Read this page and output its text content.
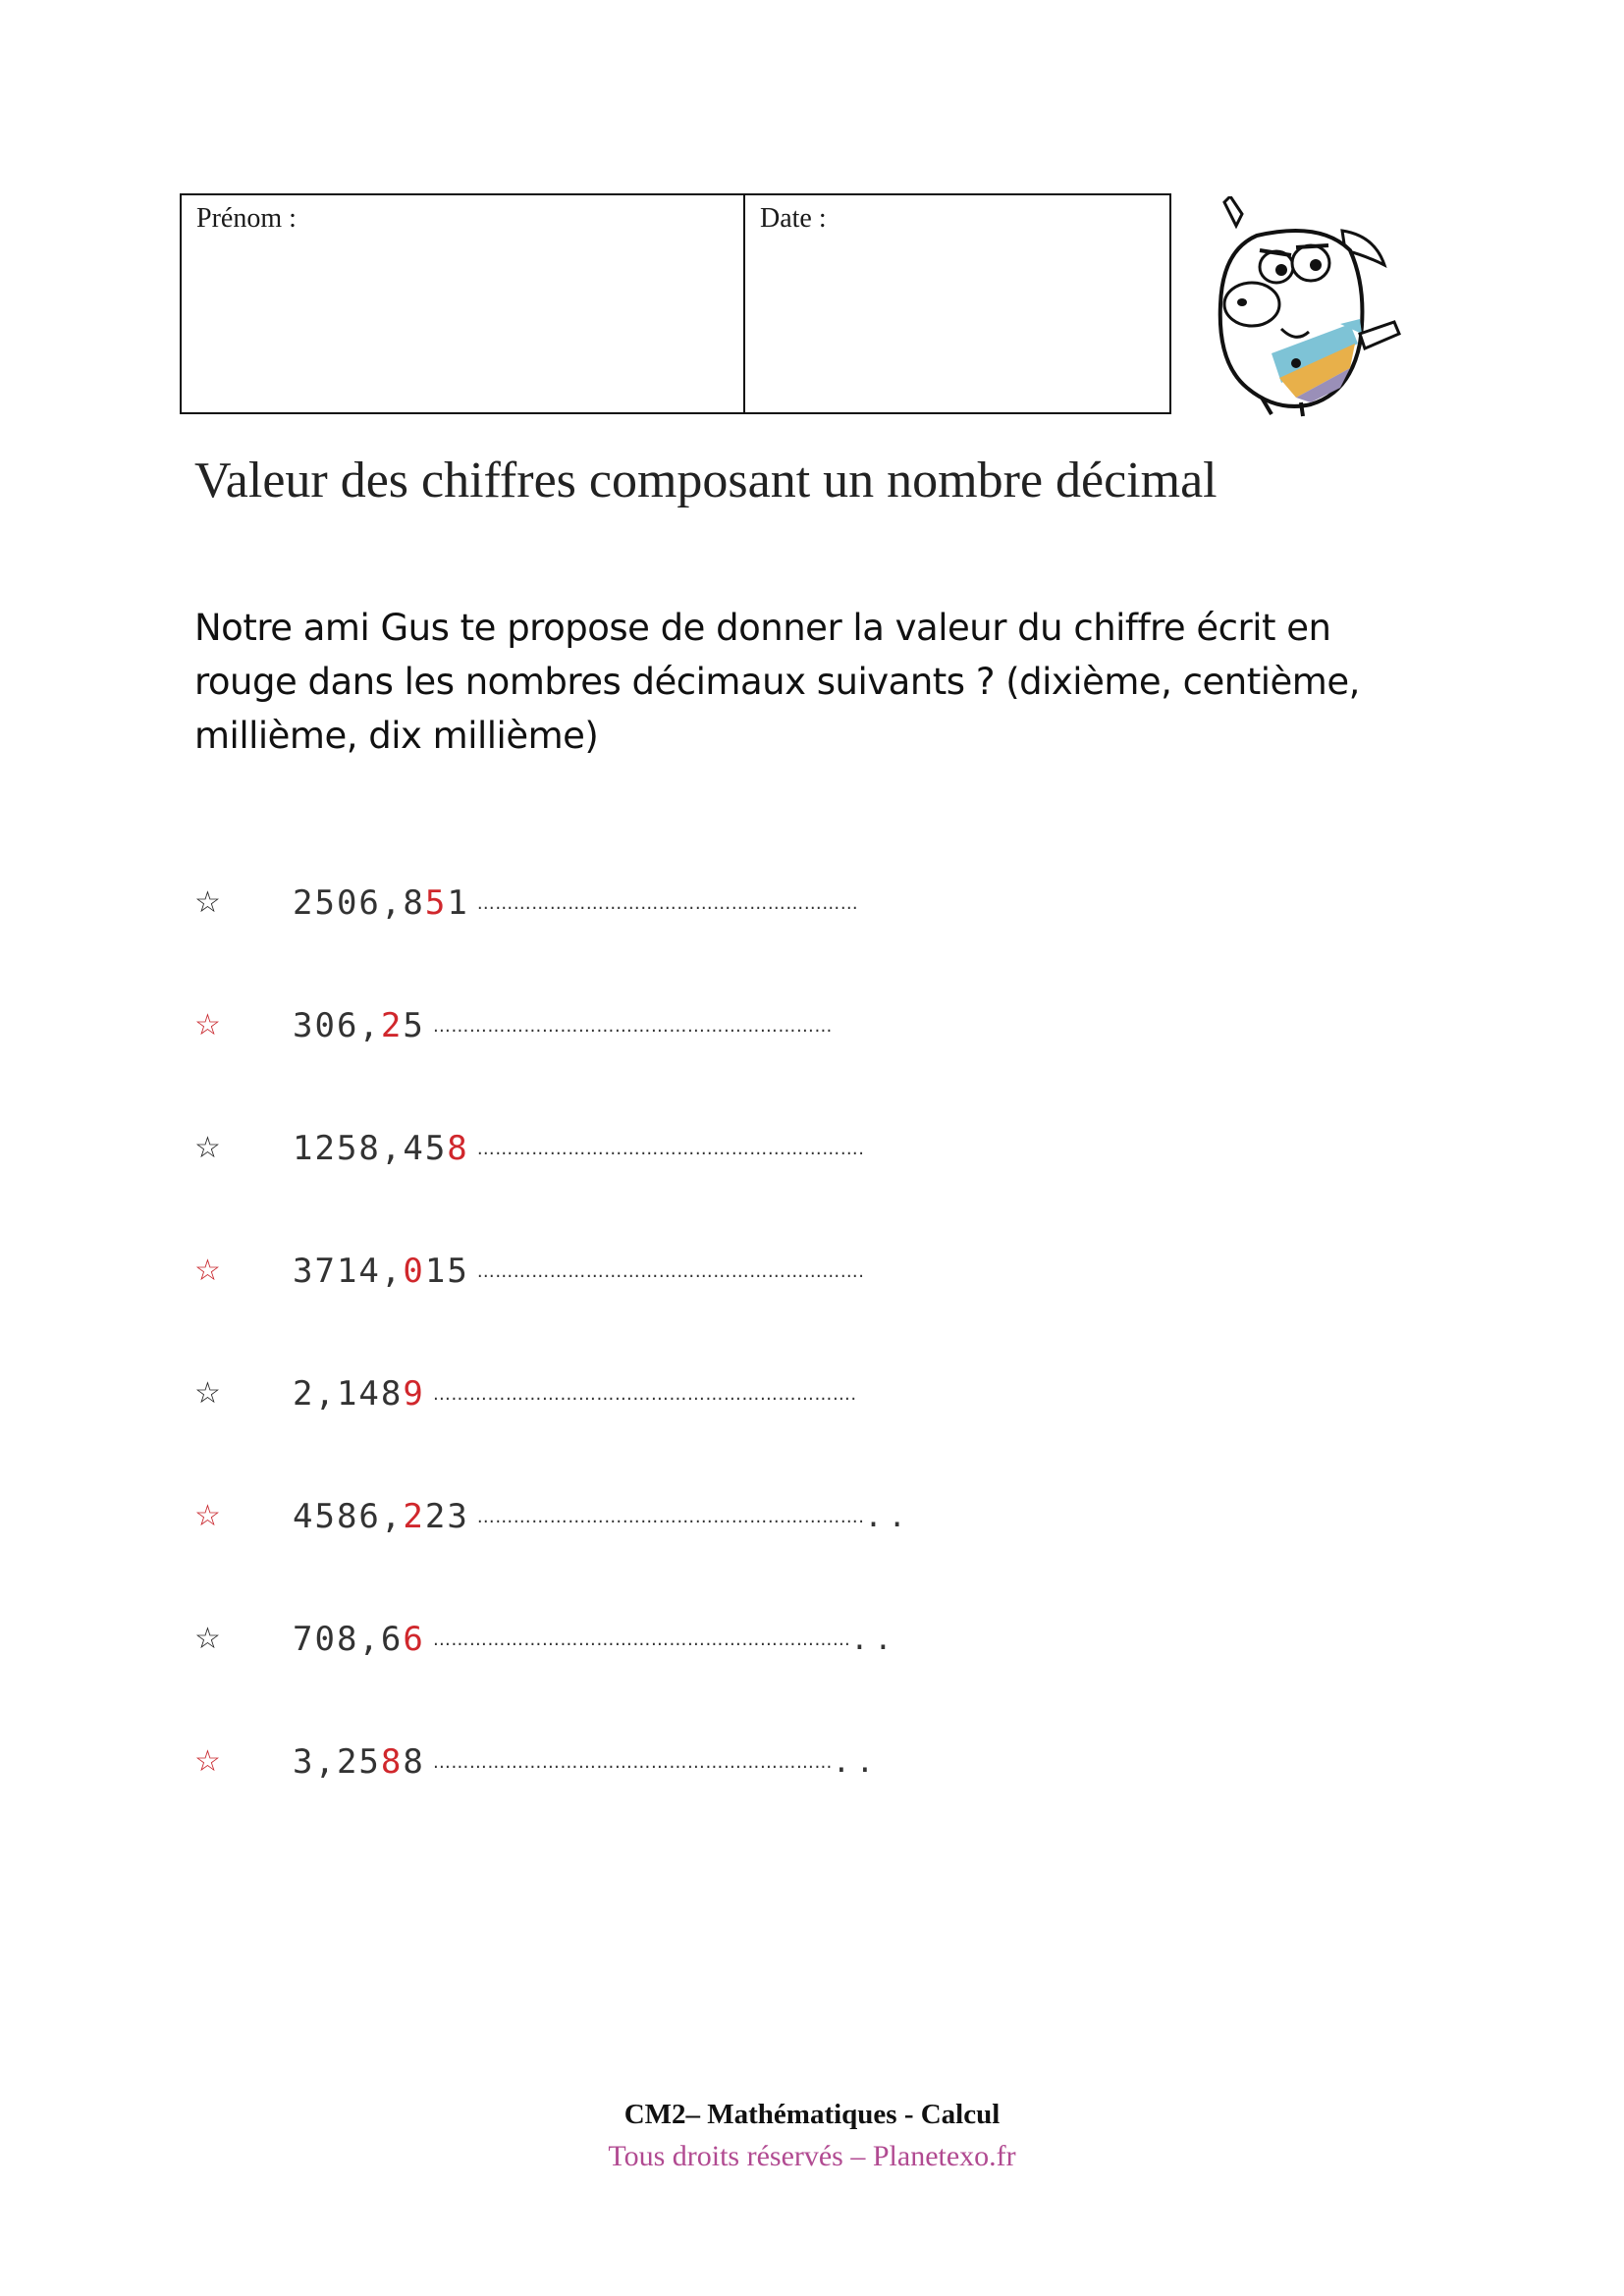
Prénom :	Date :
Valeur des chiffres composant un nombre décimal
Notre ami Gus te propose de donner la valeur du chiffre écrit en rouge dans les nombres décimaux suivants ? (dixième, centième, millième, dix millième)
☆	2506,851 ………………………………………………………
☆	306,25 …………………………………………………………
☆	1258,458 ……………………………………………………….
☆	3714,015 ……………………………………………………….
☆	2,1489 …………………………………………………………….
☆	4586,223 ………………………………………………………. ..
☆	708,66 …………………………………………………………… ..
☆	3,2588 ………………………………………………………… ..
CM2– Mathématiques - Calcul
Tous droits réservés – Planetexo.fr
